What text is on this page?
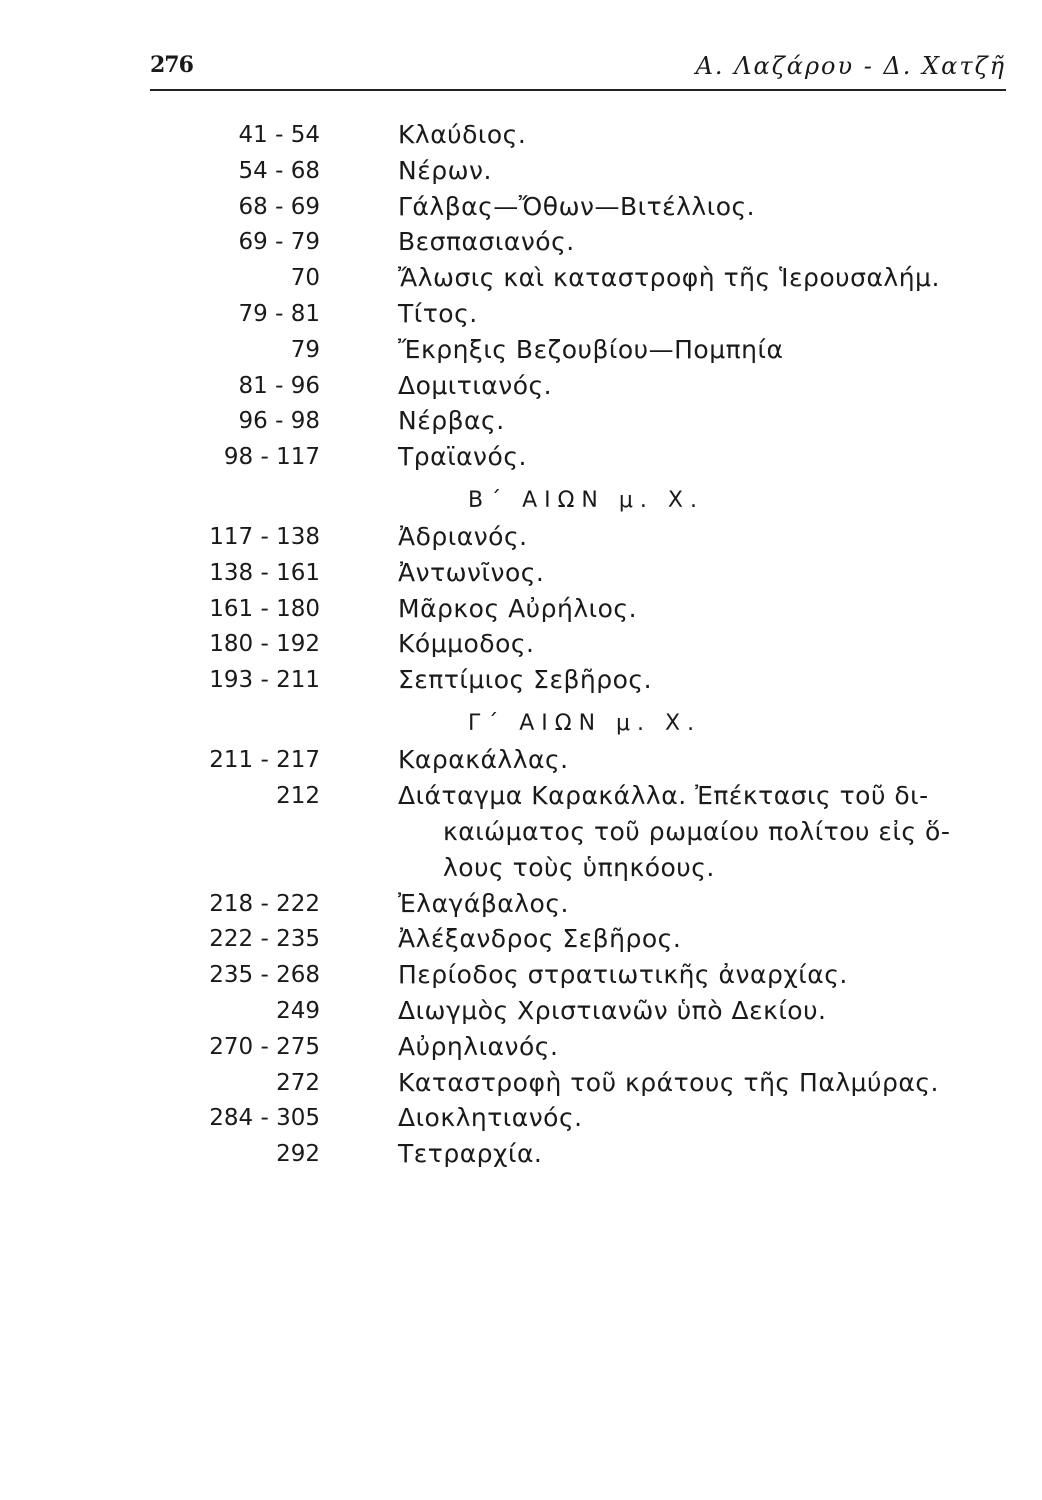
276	Α. Λαζάρου - Δ. Χατζῆ
41 - 54	Κλαύδιος.
54 - 68	Νέρων.
68 - 69	Γάλβας—Ὄθων—Βιτέλλιος.
69 - 79	Βεσπασιανός.
70	Ἄλωσις καὶ καταστροφὴ τῆς Ἱερουσαλήμ.
79 - 81	Τίτος.
79	Ἔκρηξις Βεζουβίου—Πομπηία
81 - 96	Δομιτιανός.
96 - 98	Νέρβας.
98 - 117	Τραϊανός.
Β΄ ΑΙΩΝ μ. Χ.
117 - 138	Ἀδριανός.
138 - 161	Ἀντωνῖνος.
161 - 180	Μᾶρκος Αὐρήλιος.
180 - 192	Κόμμοδος.
193 - 211	Σεπτίμιος Σεβῆρος.
Γ΄ ΑΙΩΝ μ. Χ.
211 - 217	Καρακάλλας.
212	Διάταγμα Καρακάλλα. Ἐπέκτασις τοῦ δι-
καιώματος τοῦ ρωμαίου πολίτου εἰς ὅ-
λους τοὺς ὑπηκόους.
218 - 222	Ἐλαγάβαλος.
222 - 235	Ἀλέξανδρος Σεβῆρος.
235 - 268	Περίοδος στρατιωτικῆς ἀναρχίας.
249	Διωγμὸς Χριστιανῶν ὑπὸ Δεκίου.
270 - 275	Αὐρηλιανός.
272	Καταστροφὴ τοῦ κράτους τῆς Παλμύρας.
284 - 305	Διοκλητιανός.
292	Τετραρχία.
